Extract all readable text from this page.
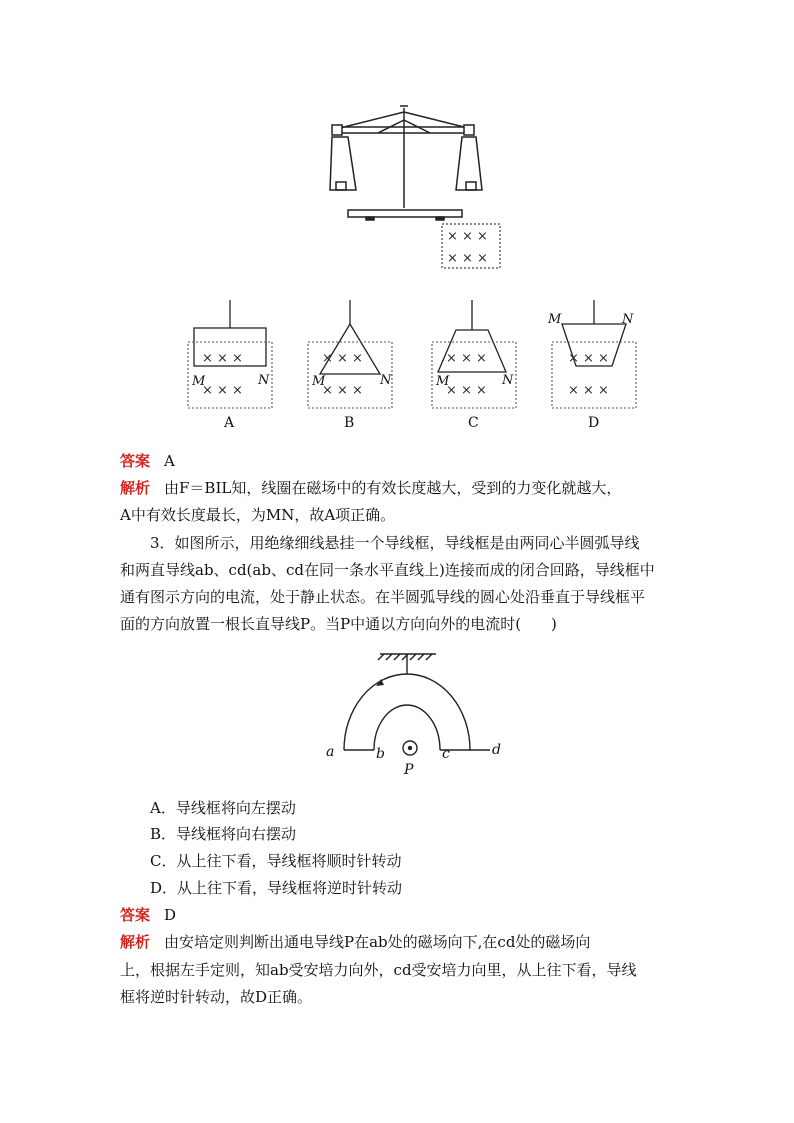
× × ×
× × ×
× × ×
× × ×
× × ×
× × ×
× × ×
× × ×
× × ×
× × ×
M	N	M	N	M	N
M	N
A	B	C	D
答案 A
解析 由F＝BIL知，线圈在磁场中的有效长度越大，受到的力变化就越大，
A中有效长度最长，为MN，故A项正确。
3．如图所示，用绝缘细线悬挂一个导线框，导线框是由两同心半圆弧导线
和两直导线ab、cd(ab、cd在同一条水平直线上)连接而成的闭合回路，导线框中
通有图示方向的电流，处于静止状态。在半圆弧导线的圆心处沿垂直于导线框平
面的方向放置一根长直导线P。当P中通以方向向外的电流时(　　)
a	b	c	d
P
A．导线框将向左摆动
B．导线框将向右摆动
C．从上往下看，导线框将顺时针转动
D．从上往下看，导线框将逆时针转动
答案 D
解析 由安培定则判断出通电导线P在ab处的磁场向下,在cd处的磁场向
上，根据左手定则，知ab受安培力向外，cd受安培力向里，从上往下看，导线
框将逆时针转动，故D正确。
